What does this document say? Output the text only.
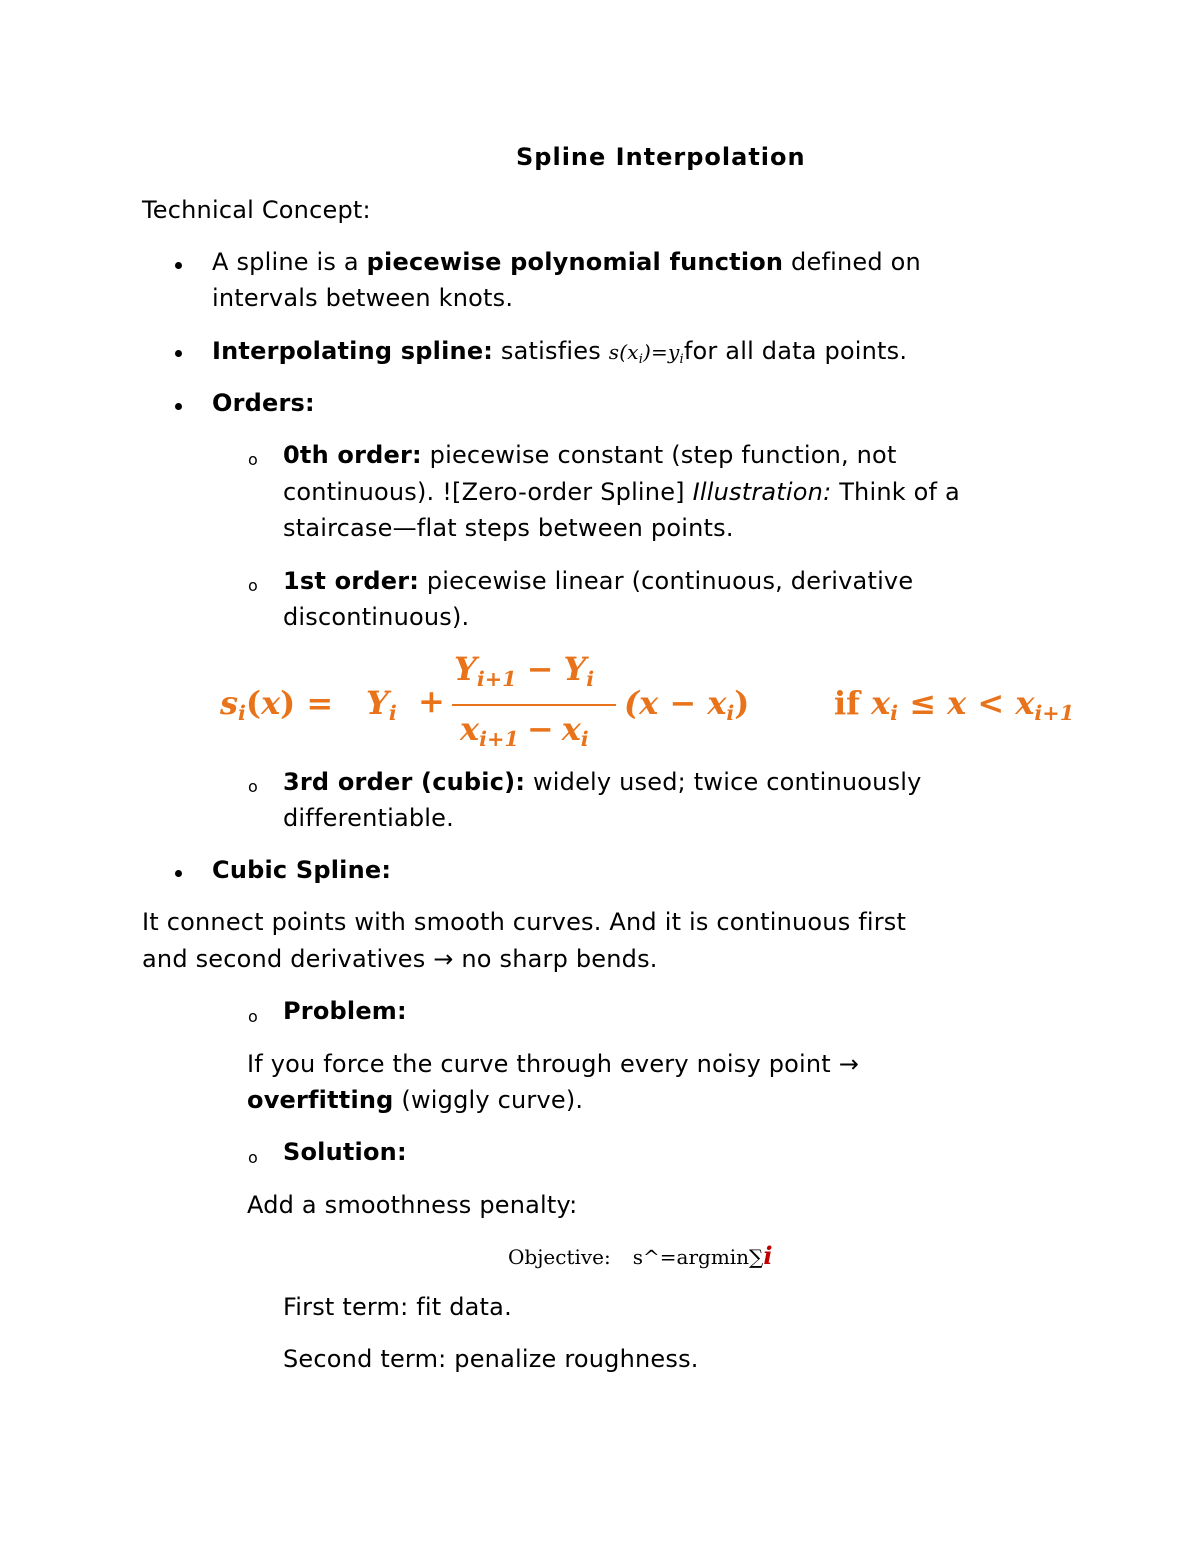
Spline Interpolation
Technical Concept:
A spline is a piecewise polynomial function defined on
intervals between knots.
Interpolating spline: satisfies $s(x_i)=y_ifor$ all data points.
Orders:
o 0th order: piecewise constant (step function, not
continuous). ![Zero-order Spline] Illustration: Think of a
staircase—flat steps between points.
o 1st order: piecewise linear (continuous, derivative
discontinuous).
$s_i(x) = Y_i$ +
$Y_{i+1} - Y_i$
$x_{i+1} - x_i$
$(x - x_i)$	if $x_i \le x < x_{i+1}$
o 3rd order (cubic): widely used; twice continuously
differentiable.
Cubic Spline:
It connect points with smooth curves. And it is continuous first
and second derivatives → no sharp bends.
o Problem:
If you force the curve through every noisy point →
overfitting (wiggly curve).
o Solution:
Add a smoothness penalty:
Objective: s^=argmin∑𝒊
First term: fit data.
Second term: penalize roughness.
